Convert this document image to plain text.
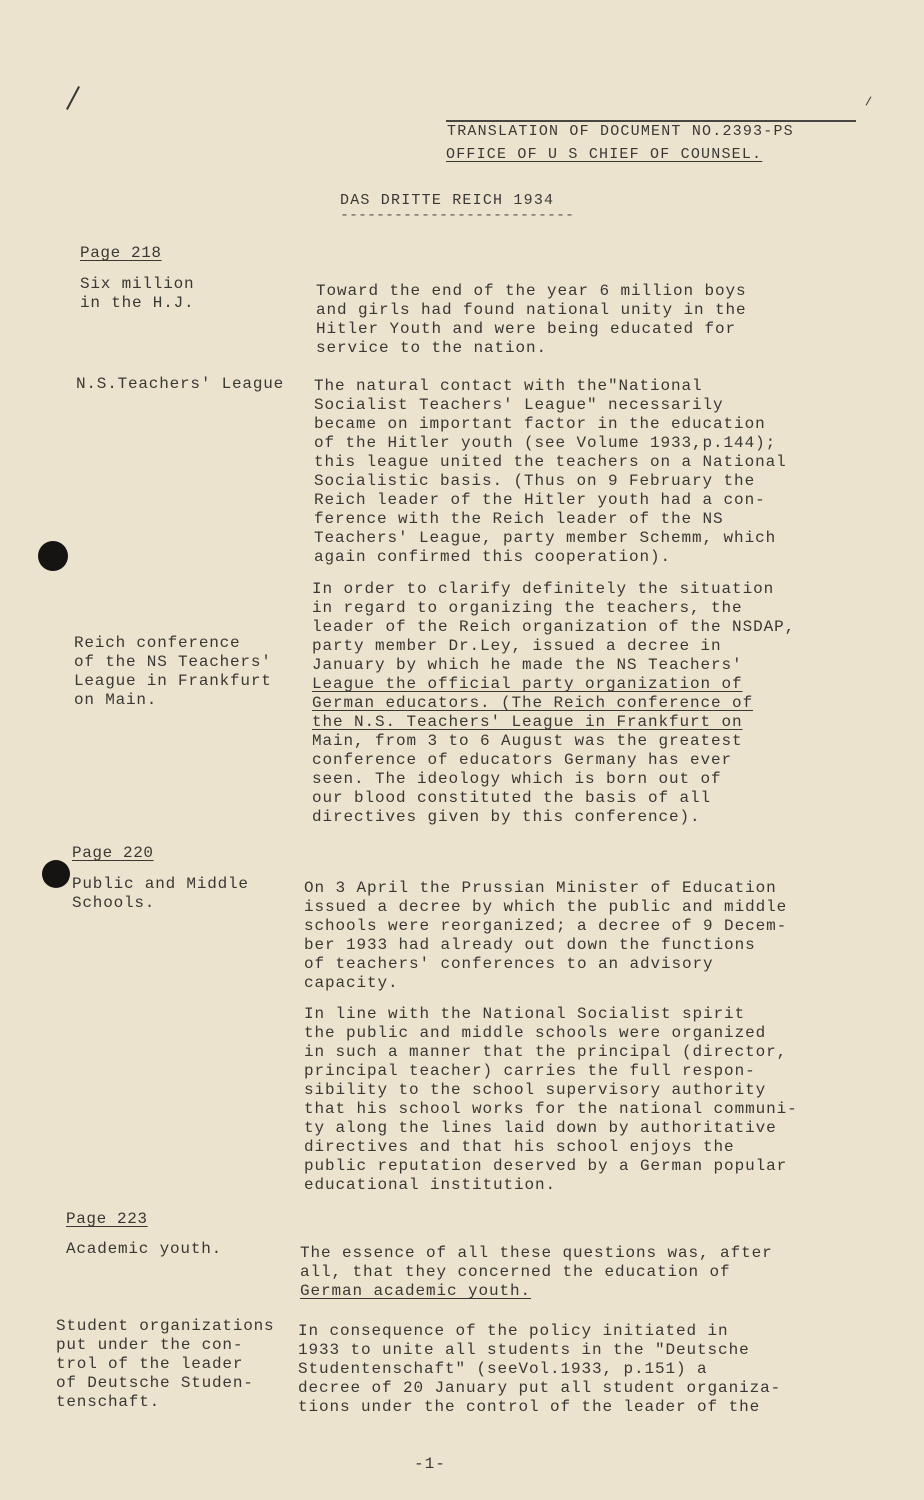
TRANSLATION OF DOCUMENT NO.2393-PS
OFFICE OF U S CHIEF OF COUNSEL.
DAS DRITTE REICH 1934
--------------------------
Page 218
Six million
in the H.J.
Toward the end of the year 6 million boys
and girls had found national unity in the
Hitler Youth and were being educated for
service to the nation.
N.S.Teachers' League The natural contact with the"National
Socialist Teachers' League" necessarily
became on important factor in the education
of the Hitler youth (see Volume 1933,p.144);
this league united the teachers on a National
Socialistic basis. (Thus on 9 February the
Reich leader of the Hitler youth had a con-
ference with the Reich leader of the NS
Teachers' League, party member Schemm, which
again confirmed this cooperation).
Reich conference
of the NS Teachers'
League in Frankfurt
on Main.
In order to clarify definitely the situation
in regard to organizing the teachers, the
leader of the Reich organization of the NSDAP,
party member Dr.Ley, issued a decree in
January by which he made the NS Teachers'
League the official party organization of
German educators. (The Reich conference of
the N.S. Teachers' League in Frankfurt on
Main, from 3 to 6 August was the greatest
conference of educators Germany has ever
seen. The ideology which is born out of
our blood constituted the basis of all
directives given by this conference).
Page 220
Public and Middle
Schools.
On 3 April the Prussian Minister of Education
issued a decree by which the public and middle
schools were reorganized; a decree of 9 Decem-
ber 1933 had already out down the functions
of teachers' conferences to an advisory
capacity.
In line with the National Socialist spirit
the public and middle schools were organized
in such a manner that the principal (director,
principal teacher) carries the full respon-
sibility to the school supervisory authority
that his school works for the national communi-
ty along the lines laid down by authoritative
directives and that his school enjoys the
public reputation deserved by a German popular
educational institution.
Page 223
Academic youth.	The essence of all these questions was, after
all, that they concerned the education of
German academic youth.
Student organizations
put under the con-
trol of the leader
of Deutsche Studen-
tenschaft.
In consequence of the policy initiated in
1933 to unite all students in the "Deutsche
Studentenschaft" (seeVol.1933, p.151) a
decree of 20 January put all student organiza-
tions under the control of the leader of the
-1-
